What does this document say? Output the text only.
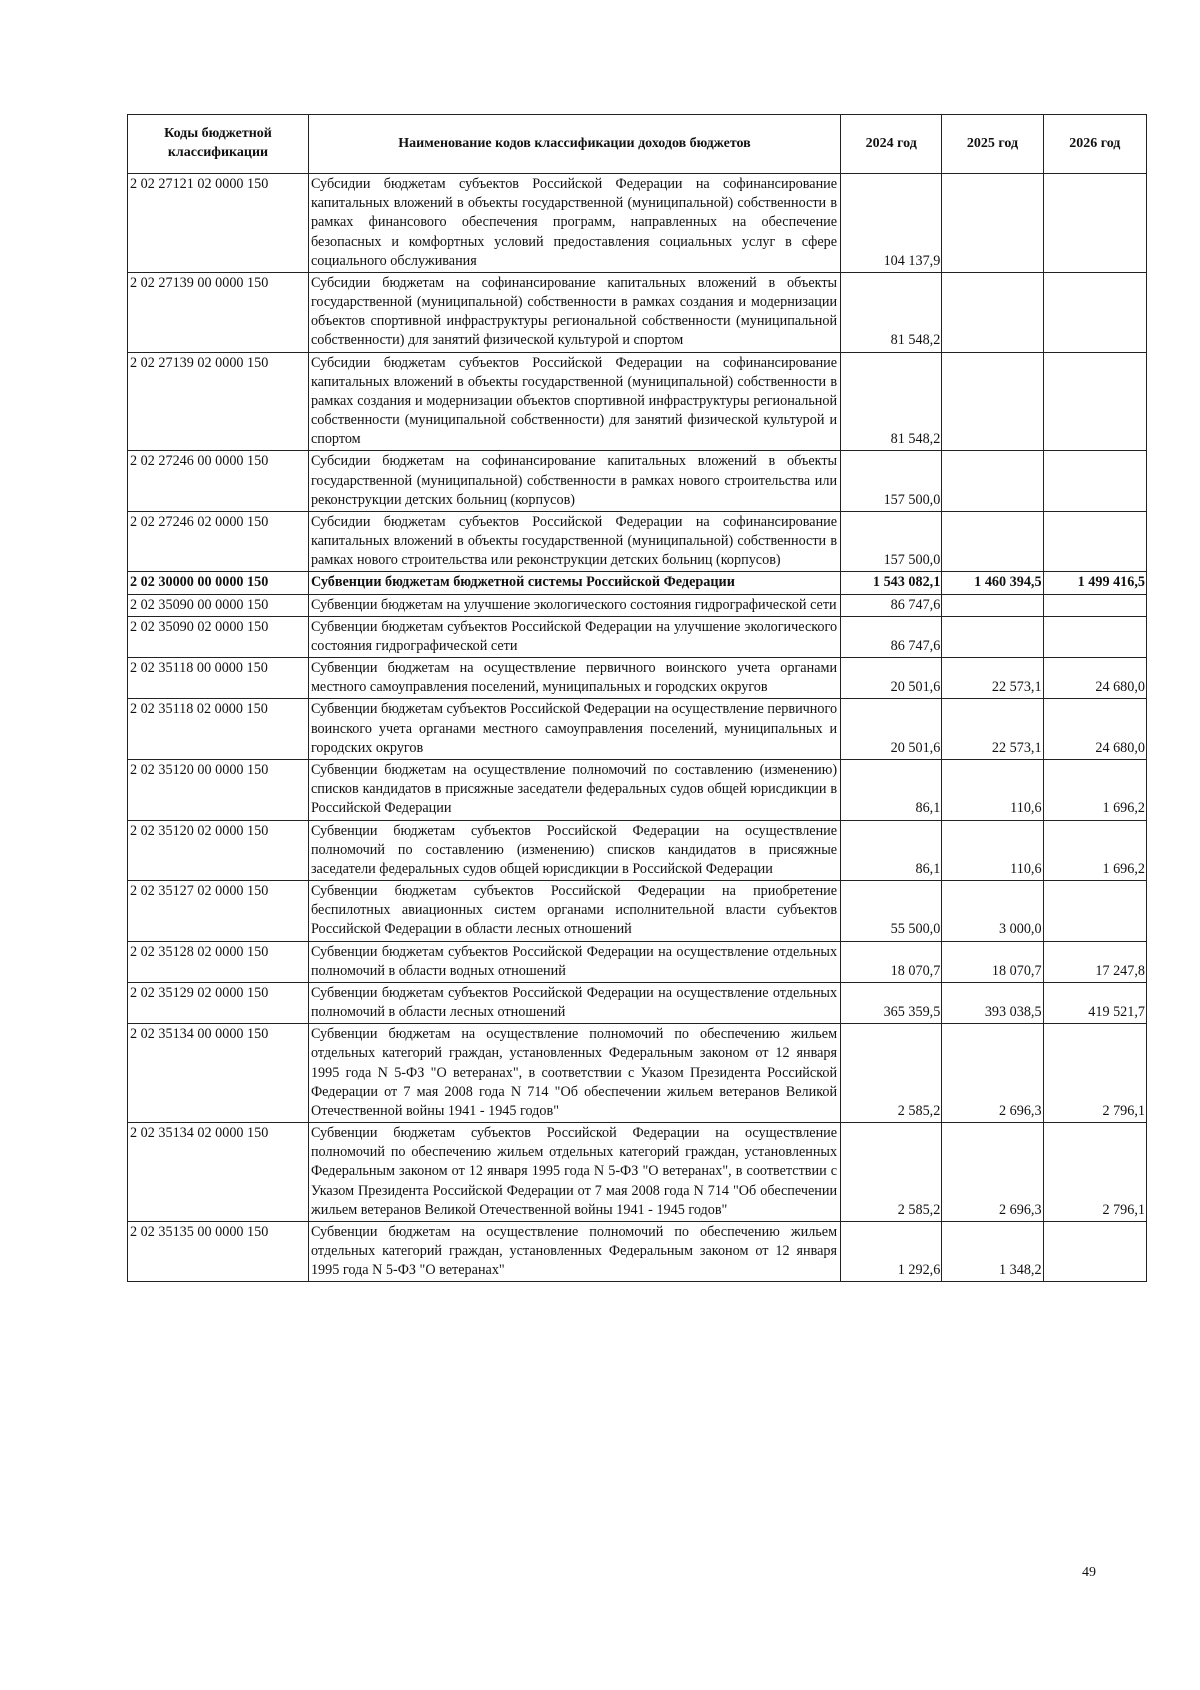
Коды бюджетной классификации	Наименование кодов классификации доходов бюджетов	2024 год	2025 год	2026 год
2 02 27121 02 0000 150	Субсидии бюджетам субъектов Российской Федерации на софинансирование капитальных вложений в объекты государственной (муниципальной) собственности в рамках финансового обеспечения программ, направленных на обеспечение безопасных и комфортных условий предоставления социальных услуг в сфере социального обслуживания	104 137,9		
2 02 27139 00 0000 150	Субсидии бюджетам на софинансирование капитальных вложений в объекты государственной (муниципальной) собственности в рамках создания и модернизации объектов спортивной инфраструктуры региональной собственности (муниципальной собственности) для занятий физической культурой и спортом	81 548,2		
2 02 27139 02 0000 150	Субсидии бюджетам субъектов Российской Федерации на софинансирование капитальных вложений в объекты государственной (муниципальной) собственности в рамках создания и модернизации объектов спортивной инфраструктуры региональной собственности (муниципальной собственности) для занятий физической культурой и спортом	81 548,2		
2 02 27246 00 0000 150	Субсидии бюджетам на софинансирование капитальных вложений в объекты государственной (муниципальной) собственности в рамках нового строительства или реконструкции детских больниц (корпусов)	157 500,0		
2 02 27246 02 0000 150	Субсидии бюджетам субъектов Российской Федерации на софинансирование капитальных вложений в объекты государственной (муниципальной) собственности в рамках нового строительства или реконструкции детских больниц (корпусов)	157 500,0		
2 02 30000 00 0000 150	Субвенции бюджетам бюджетной системы Российской Федерации	1 543 082,1	1 460 394,5	1 499 416,5
2 02 35090 00 0000 150	Субвенции бюджетам на улучшение экологического состояния гидрографической сети	86 747,6		
2 02 35090 02 0000 150	Субвенции бюджетам субъектов Российской Федерации на улучшение экологического состояния гидрографической сети	86 747,6		
2 02 35118 00 0000 150	Субвенции бюджетам на осуществление первичного воинского учета органами местного самоуправления поселений, муниципальных и городских округов	20 501,6	22 573,1	24 680,0
2 02 35118 02 0000 150	Субвенции бюджетам субъектов Российской Федерации на осуществление первичного воинского учета органами местного самоуправления поселений, муниципальных и городских округов	20 501,6	22 573,1	24 680,0
2 02 35120 00 0000 150	Субвенции бюджетам на осуществление полномочий по составлению (изменению) списков кандидатов в присяжные заседатели федеральных судов общей юрисдикции в Российской Федерации	86,1	110,6	1 696,2
2 02 35120 02 0000 150	Субвенции бюджетам субъектов Российской Федерации на осуществление полномочий по составлению (изменению) списков кандидатов в присяжные заседатели федеральных судов общей юрисдикции в Российской Федерации	86,1	110,6	1 696,2
2 02 35127 02 0000 150	Субвенции бюджетам субъектов Российской Федерации на приобретение беспилотных авиационных систем органами исполнительной власти субъектов Российской Федерации в области лесных отношений	55 500,0	3 000,0	
2 02 35128 02 0000 150	Субвенции бюджетам субъектов Российской Федерации на осуществление отдельных полномочий в области водных отношений	18 070,7	18 070,7	17 247,8
2 02 35129 02 0000 150	Субвенции бюджетам субъектов Российской Федерации на осуществление отдельных полномочий в области лесных отношений	365 359,5	393 038,5	419 521,7
2 02 35134 00 0000 150	Субвенции бюджетам на осуществление полномочий по обеспечению жильем отдельных категорий граждан, установленных Федеральным законом от 12 января 1995 года N 5-ФЗ "О ветеранах", в соответствии с Указом Президента Российской Федерации от 7 мая 2008 года N 714 "Об обеспечении жильем ветеранов Великой Отечественной войны 1941 - 1945 годов"	2 585,2	2 696,3	2 796,1
2 02 35134 02 0000 150	Субвенции бюджетам субъектов Российской Федерации на осуществление полномочий по обеспечению жильем отдельных категорий граждан, установленных Федеральным законом от 12 января 1995 года N 5-ФЗ "О ветеранах", в соответствии с Указом Президента Российской Федерации от 7 мая 2008 года N 714 "Об обеспечении жильем ветеранов Великой Отечественной войны 1941 - 1945 годов"	2 585,2	2 696,3	2 796,1
2 02 35135 00 0000 150	Субвенции бюджетам на осуществление полномочий по обеспечению жильем отдельных категорий граждан, установленных Федеральным законом от 12 января 1995 года N 5-ФЗ "О ветеранах"	1 292,6	1 348,2	
49
